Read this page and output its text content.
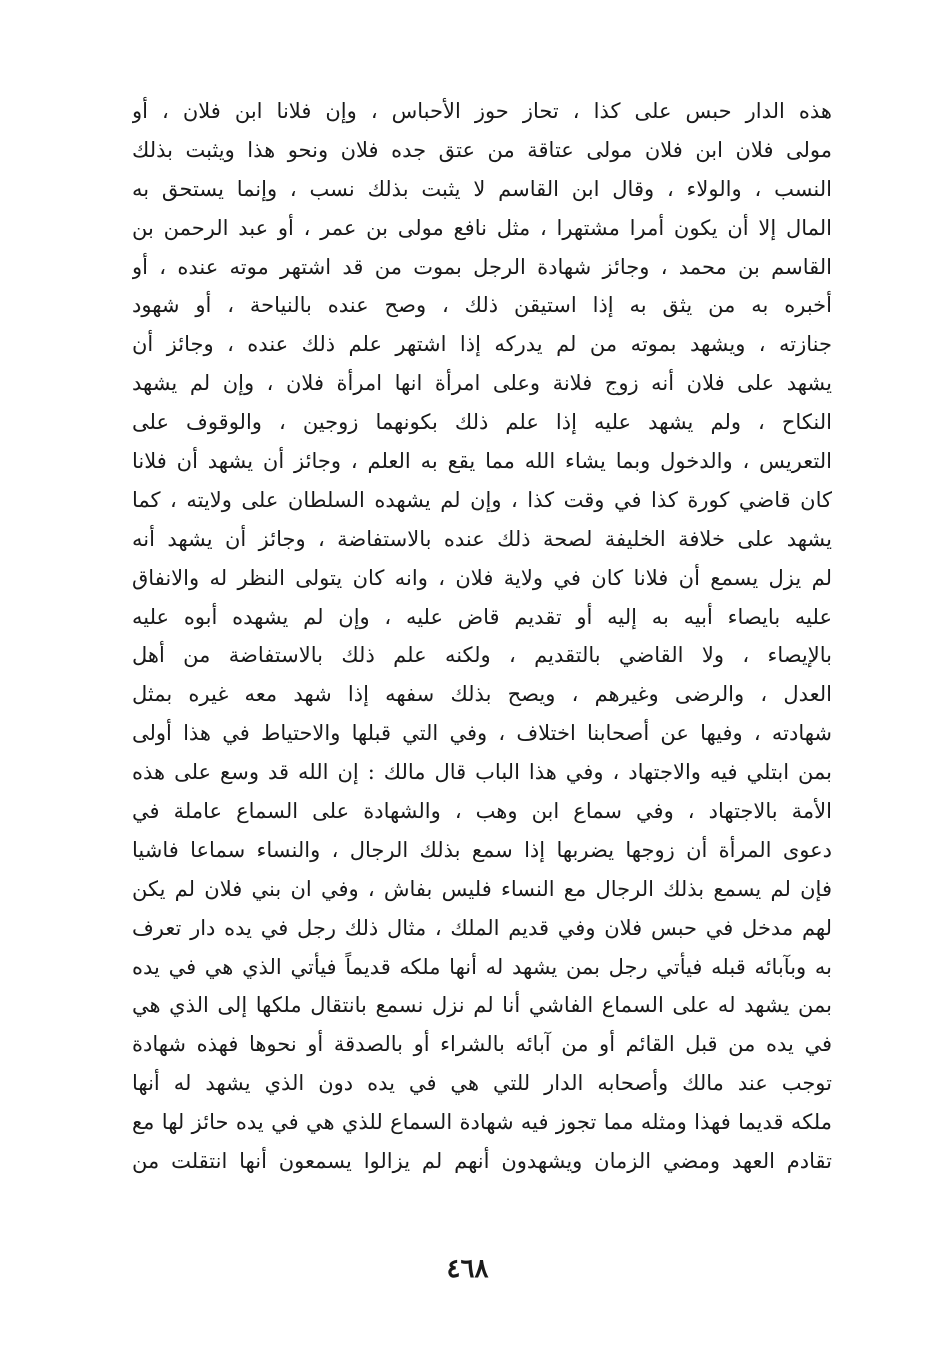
هذه الدار حبس على كذا ، تحاز حوز الأحباس ، وإن فلانا ابن فلان ، أو
مولى فلان ابن فلان مولى عتاقة من عتق جده فلان ونحو هذا ويثبت بذلك
النسب ، والولاء ، وقال ابن القاسم لا يثبت بذلك نسب ، وإنما يستحق به
المال إلا أن يكون أمرا مشتهرا ، مثل نافع مولى بن عمر ، أو عبد الرحمن بن
القاسم بن محمد ، وجائز شهادة الرجل بموت من قد اشتهر موته عنده ، أو
أخبره به من يثق به إذا استيقن ذلك ، وصح عنده بالنياحة ، أو شهود
جنازته ، ويشهد بموته من لم يدركه إذا اشتهر علم ذلك عنده ، وجائز أن
يشهد على فلان أنه زوج فلانة وعلى امرأة انها امرأة فلان ، وإن لم يشهد
النكاح ، ولم يشهد عليه إذا علم ذلك بكونهما زوجين ، والوقوف على
التعريس ، والدخول وبما يشاء الله مما يقع به العلم ، وجائز أن يشهد أن فلانا
كان قاضي كورة كذا في وقت كذا ، وإن لم يشهده السلطان على ولايته ، كما
يشهد على خلافة الخليفة لصحة ذلك عنده بالاستفاضة ، وجائز أن يشهد أنه
لم يزل يسمع أن فلانا كان في ولاية فلان ، وانه كان يتولى النظر له والانفاق
عليه بايصاء أبيه به إليه أو تقديم قاض عليه ، وإن لم يشهده أبوه عليه
بالإيصاء ، ولا القاضي بالتقديم ، ولكنه علم ذلك بالاستفاضة من أهل
العدل ، والرضى وغيرهم ، ويصح بذلك سفهه إذا شهد معه غيره بمثل
شهادته ، وفيها عن أصحابنا اختلاف ، وفي التي قبلها والاحتياط في هذا أولى
بمن ابتلي فيه والاجتهاد ، وفي هذا الباب قال مالك : إن الله قد وسع على هذه
الأمة بالاجتهاد ، وفي سماع ابن وهب ، والشهادة على السماع عاملة في
دعوى المرأة أن زوجها يضربها إذا سمع بذلك الرجال ، والنساء سماعا فاشيا
فإن لم يسمع بذلك الرجال مع النساء فليس بفاش ، وفي ان بني فلان لم يكن
لهم مدخل في حبس فلان وفي قديم الملك ، مثال ذلك رجل في يده دار تعرف
به وبآبائه قبله فيأتي رجل بمن يشهد له أنها ملكه قديماً فيأتي الذي هي في يده
بمن يشهد له على السماع الفاشي أنا لم نزل نسمع بانتقال ملكها إلى الذي هي
في يده من قبل القائم أو من آبائه بالشراء أو بالصدقة أو نحوها فهذه شهادة
توجب عند مالك وأصحابه الدار للتي هي في يده دون الذي يشهد له أنها
ملكه قديما فهذا ومثله مما تجوز فيه شهادة السماع للذي هي في يده حائز لها مع
تقادم العهد ومضي الزمان ويشهدون أنهم لم يزالوا يسمعون أنها انتقلت من
٤٦٨
